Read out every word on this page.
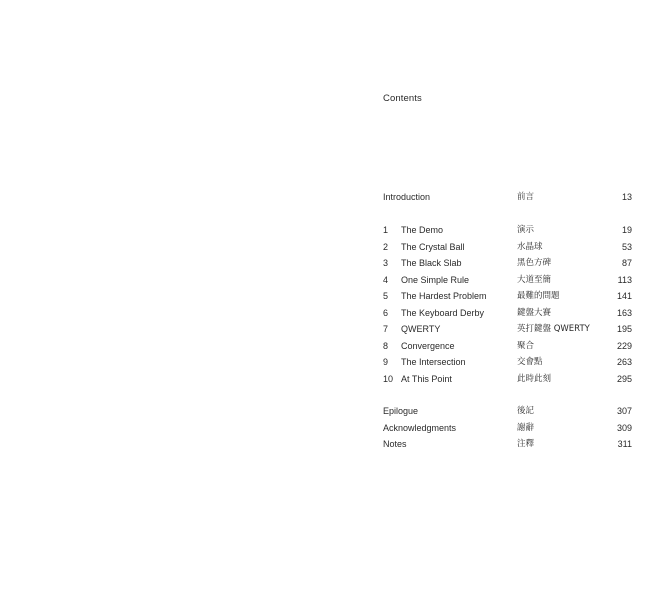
Contents
Introduction	前言	13
1 The Demo	演示	19
2 The Crystal Ball	水晶球	53
3 The Black Slab	黑色方碑	87
4 One Simple Rule	大道至簡	113
5 The Hardest Problem	最難的問題	141
6 The Keyboard Derby	鍵盤大賽	163
7 QWERTY	英打鍵盤 QWERTY	195
8 Convergence	聚合	229
9 The Intersection	交會點	263
10 At This Point	此時此刻	295
Epilogue	後記	307
Acknowledgments	謝辭	309
Notes	注釋	311
